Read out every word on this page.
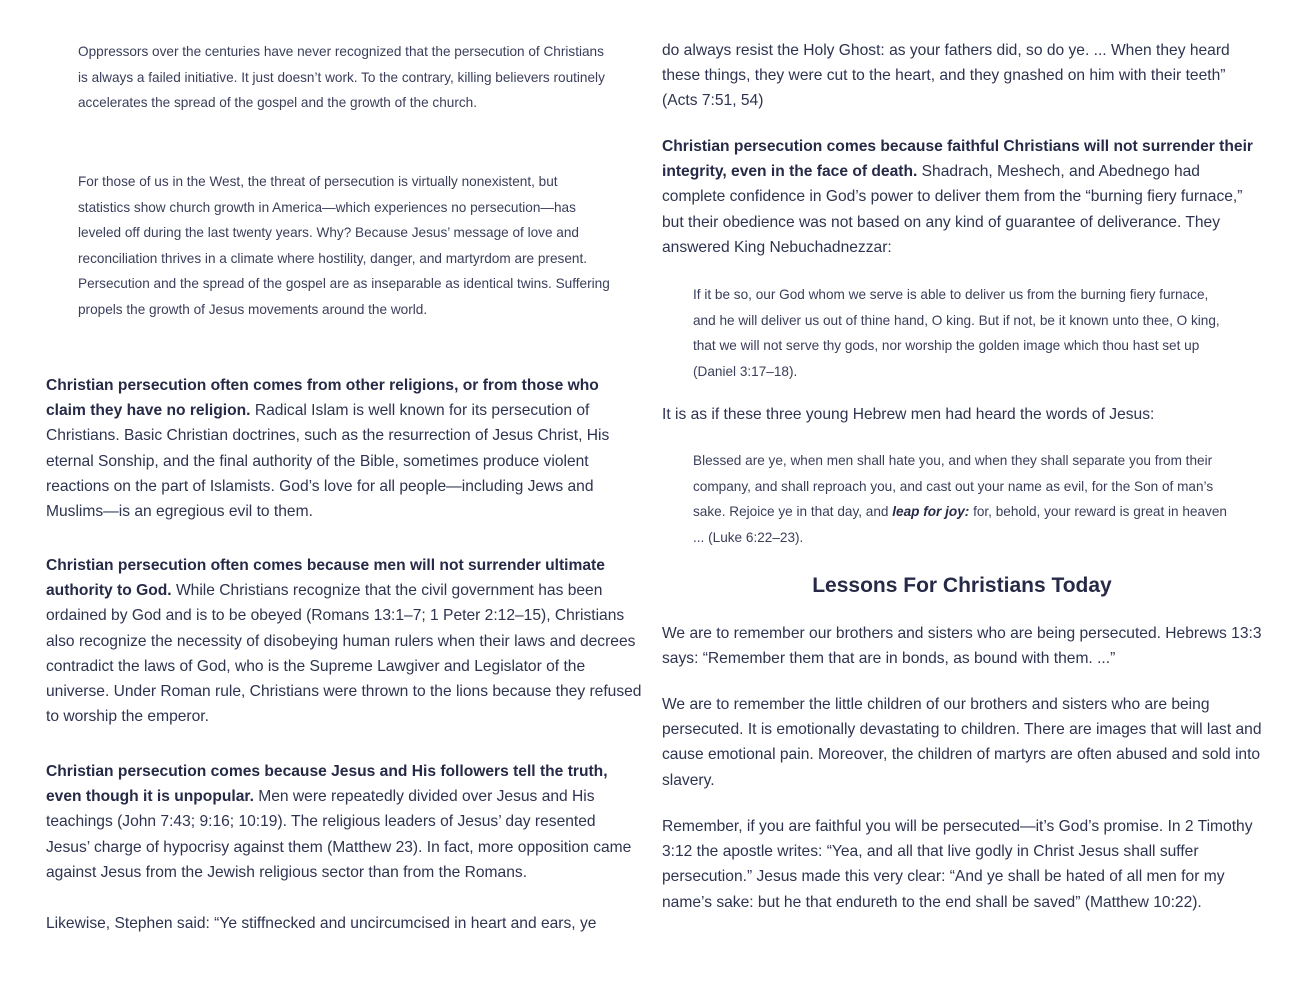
Oppressors over the centuries have never recognized that the persecution of Christians is always a failed initiative. It just doesn’t work. To the contrary, killing believers routinely accelerates the spread of the gospel and the growth of the church.

For those of us in the West, the threat of persecution is virtually nonexistent, but statistics show church growth in America—which experiences no persecution—has leveled off during the last twenty years. Why? Because Jesus’ message of love and reconciliation thrives in a climate where hostility, danger, and martyrdom are present. Persecution and the spread of the gospel are as inseparable as identical twins. Suffering propels the growth of Jesus movements around the world.

Christian persecution often comes from other religions, or from those who claim they have no religion. Radical Islam is well known for its persecution of Christians. Basic Christian doctrines, such as the resurrection of Jesus Christ, His eternal Sonship, and the final authority of the Bible, sometimes produce violent reactions on the part of Islamists. God’s love for all people—including Jews and Muslims—is an egregious evil to them.

Christian persecution often comes because men will not surrender ultimate authority to God. While Christians recognize that the civil government has been ordained by God and is to be obeyed (Romans 13:1–7; 1 Peter 2:12–15), Christians also recognize the necessity of disobeying human rulers when their laws and decrees contradict the laws of God, who is the Supreme Lawgiver and Legislator of the universe. Under Roman rule, Christians were thrown to the lions because they refused to worship the emperor.

Christian persecution comes because Jesus and His followers tell the truth, even though it is unpopular. Men were repeatedly divided over Jesus and His teachings (John 7:43; 9:16; 10:19). The religious leaders of Jesus’ day resented Jesus’ charge of hypocrisy against them (Matthew 23). In fact, more opposition came against Jesus from the Jewish religious sector than from the Romans.

Likewise, Stephen said: “Ye stiffnecked and uncircumcised in heart and ears, ye

do always resist the Holy Ghost: as your fathers did, so do ye. ... When they heard these things, they were cut to the heart, and they gnashed on him with their teeth” (Acts 7:51, 54)

Christian persecution comes because faithful Christians will not surrender their integrity, even in the face of death. Shadrach, Meshech, and Abednego had complete confidence in God’s power to deliver them from the “burning fiery furnace,” but their obedience was not based on any kind of guarantee of deliverance. They answered King Nebuchadnezzar:

If it be so, our God whom we serve is able to deliver us from the burning fiery furnace, and he will deliver us out of thine hand, O king. But if not, be it known unto thee, O king, that we will not serve thy gods, nor worship the golden image which thou hast set up (Daniel 3:17–18).

It is as if these three young Hebrew men had heard the words of Jesus:

Blessed are ye, when men shall hate you, and when they shall separate you from their company, and shall reproach you, and cast out your name as evil, for the Son of man’s sake. Rejoice ye in that day, and leap for joy: for, behold, your reward is great in heaven ... (Luke 6:22–23).

Lessons For Christians Today

We are to remember our brothers and sisters who are being persecuted. Hebrews 13:3 says: “Remember them that are in bonds, as bound with them. ...”

We are to remember the little children of our brothers and sisters who are being persecuted. It is emotionally devastating to children. There are images that will last and cause emotional pain. Moreover, the children of martyrs are often abused and sold into slavery.

Remember, if you are faithful you will be persecuted—it’s God’s promise. In 2 Timothy 3:12 the apostle writes: “Yea, and all that live godly in Christ Jesus shall suffer persecution.” Jesus made this very clear: “And ye shall be hated of all men for my name’s sake: but he that endureth to the end shall be saved” (Matthew 10:22).
